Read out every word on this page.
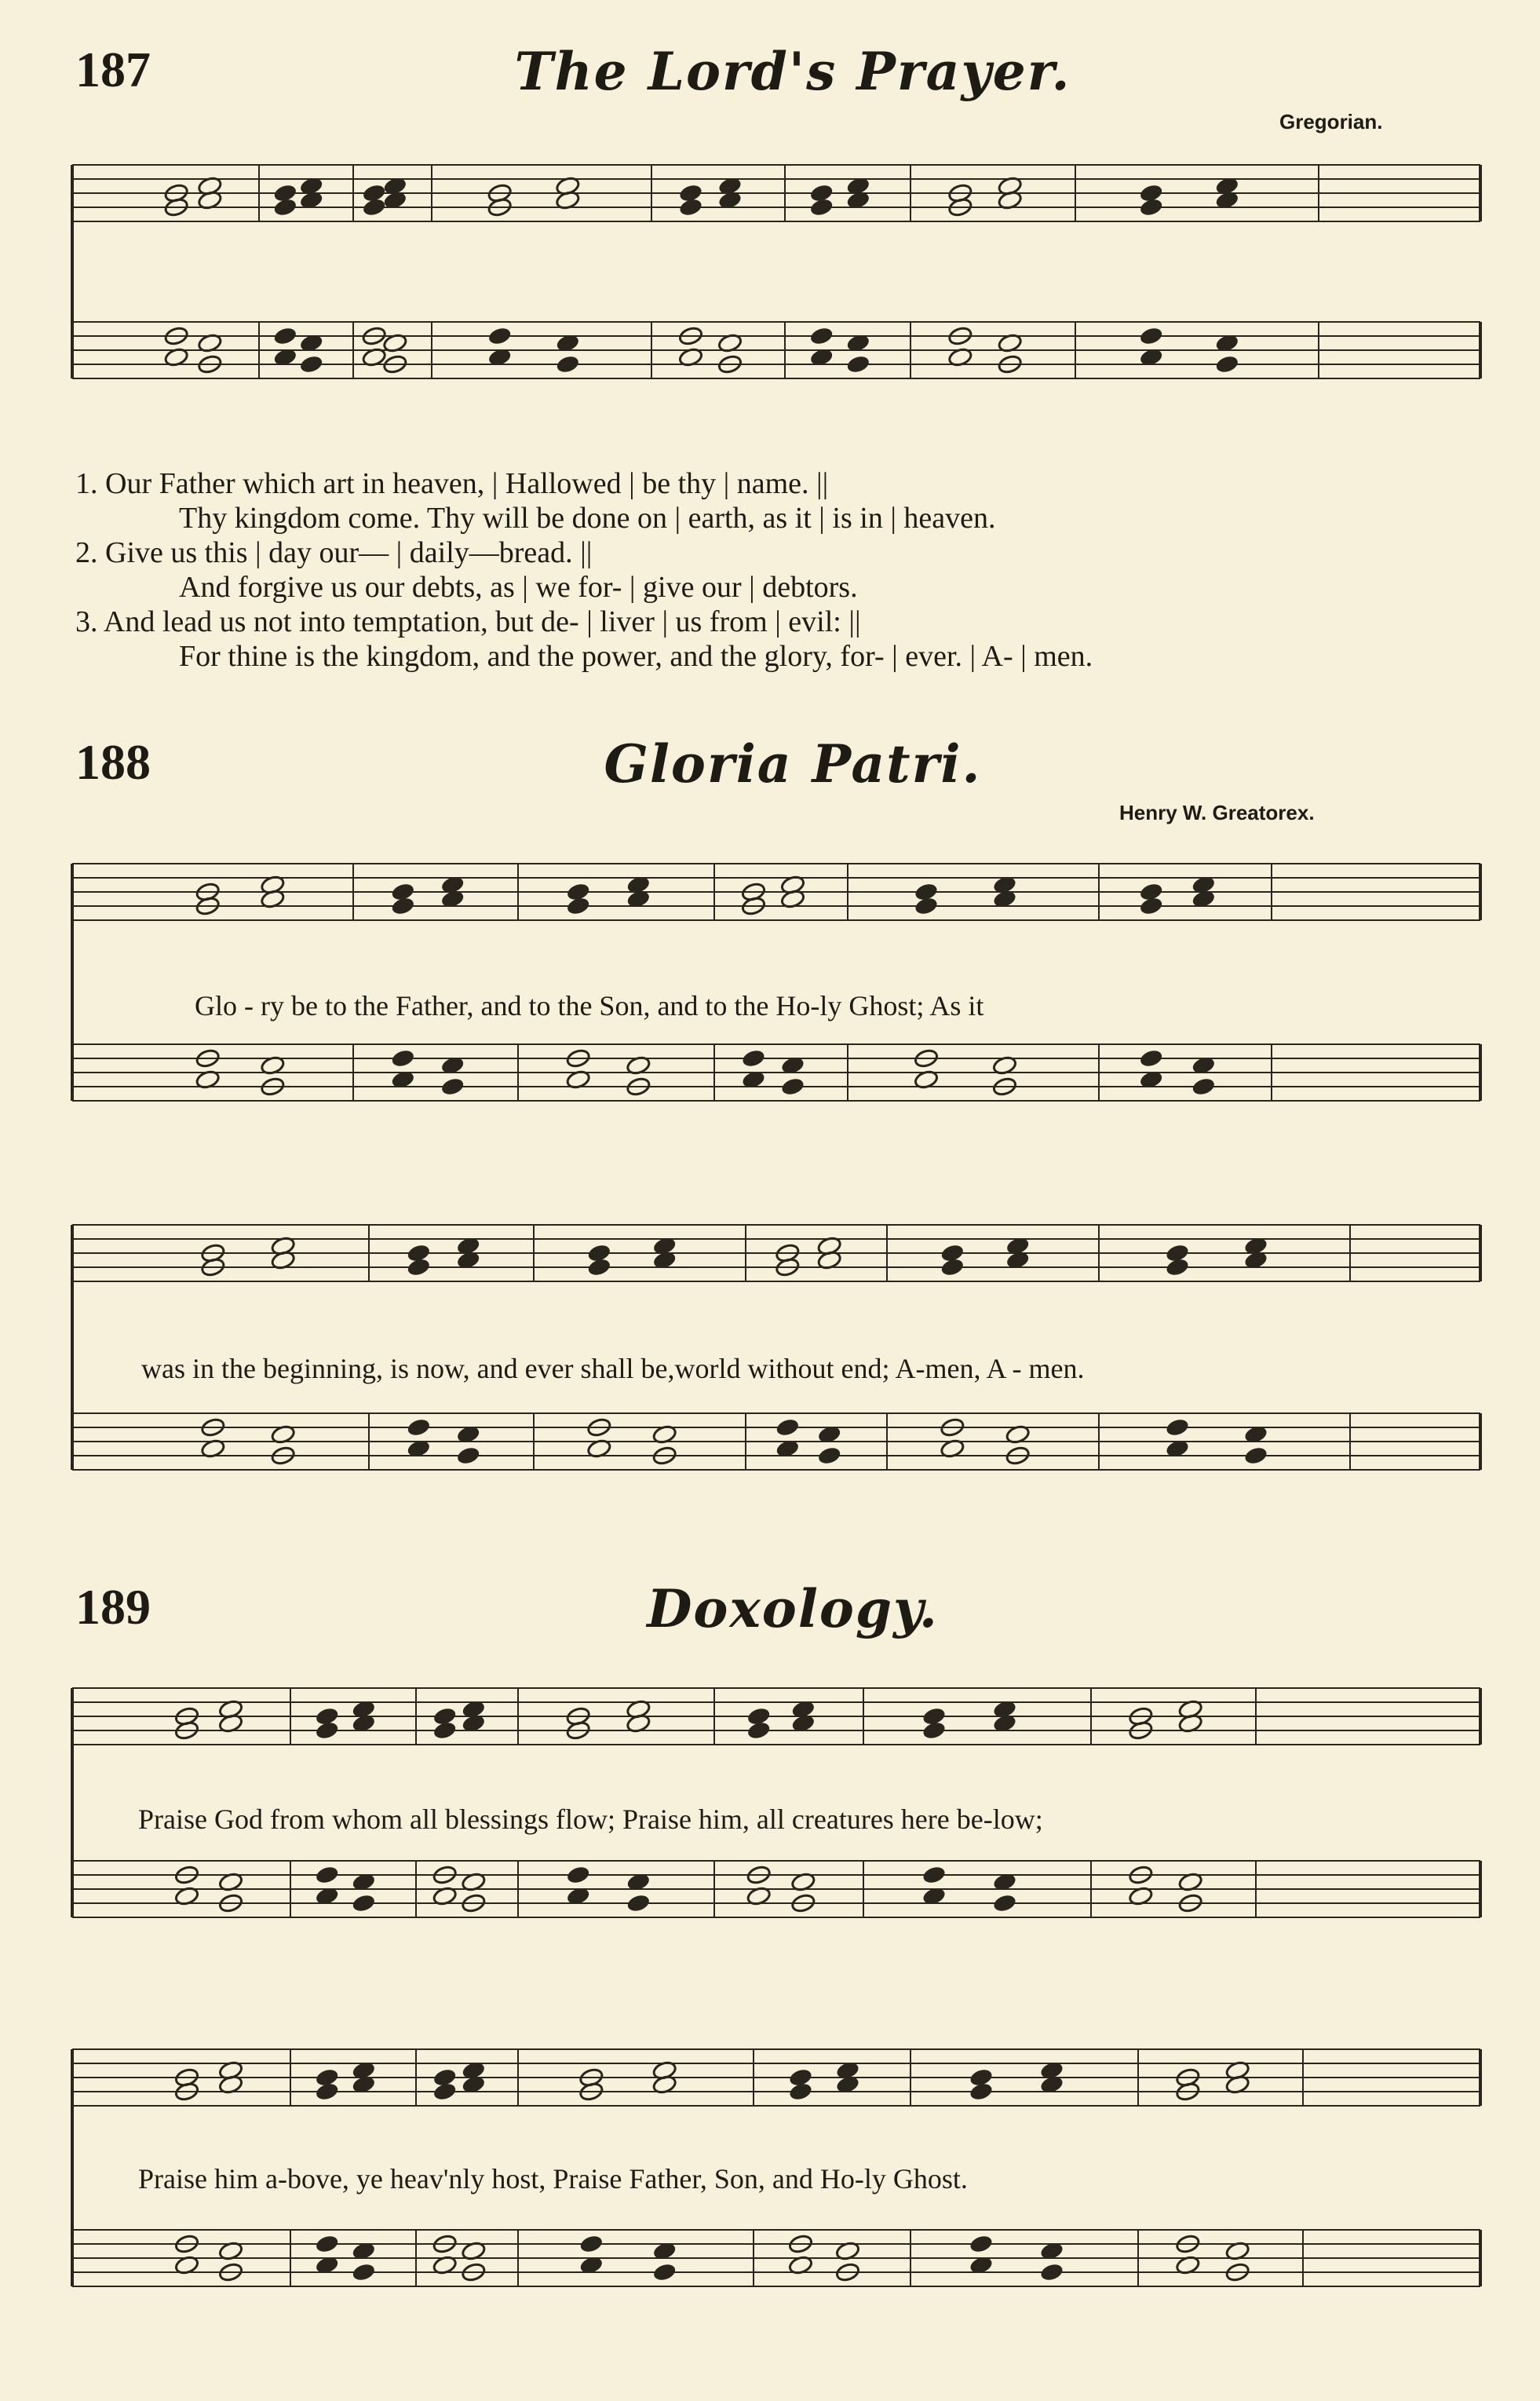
187	The Lord's Prayer.
Gregorian.
1. Our Father which art in heaven, | Hallowed | be thy | name. ||
Thy kingdom come. Thy will be done on | earth, as it | is in | heaven.
2. Give us this | day our— | daily—bread. ||
And forgive us our debts, as | we for- | give our | debtors.
3. And lead us not into temptation, but de- | liver | us from | evil: ||
For thine is the kingdom, and the power, and the glory, for- | ever. | A- | men.
188	Gloria Patri.
Henry W. Greatorex.
Glo - ry be to the Father, and to the Son, and to the Ho-ly Ghost; As it
was in the beginning, is now, and ever shall be,world without end; A-men, A - men.
189	Doxology.
Praise God from whom all blessings flow; Praise him, all creatures here be-low;
Praise him a-bove, ye heav'nly host, Praise Father, Son, and Ho-ly Ghost.
